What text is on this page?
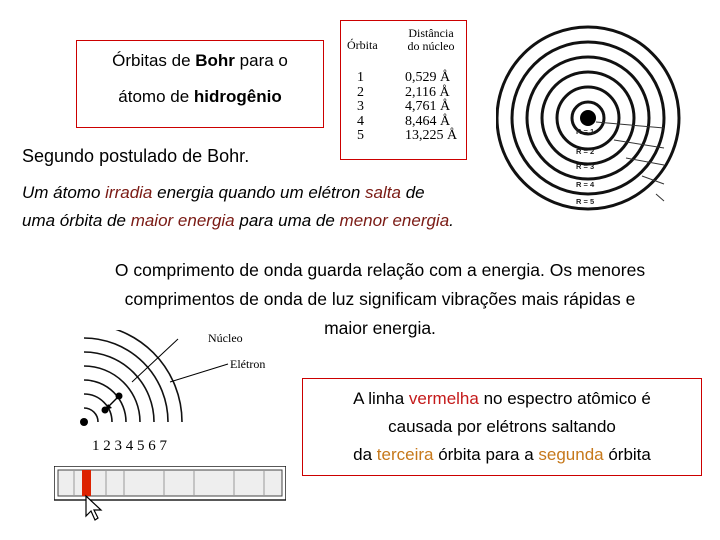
Órbitas de Bohr para o
átomo de hidrogênio
Órbita
Distância
do núcleo
1
2
3
4
5
0,529 Å
2,116 Å
4,761 Å
8,464 Å
13,225 Å	R = 1
R = 2
R = 3
R = 4
R = 5
Segundo postulado de Bohr.
Um átomo irradia energia quando um elétron salta de
uma órbita de maior energia para uma de menor energia.
O comprimento de onda guarda relação com a energia. Os menores
comprimentos de onda de luz significam vibrações mais rápidas e
maior energia.
Núcleo
Elétron
1 2 3 4 5 6 7
A linha vermelha no espectro atômico é
causada por elétrons saltando
da terceira órbita para a segunda órbita
